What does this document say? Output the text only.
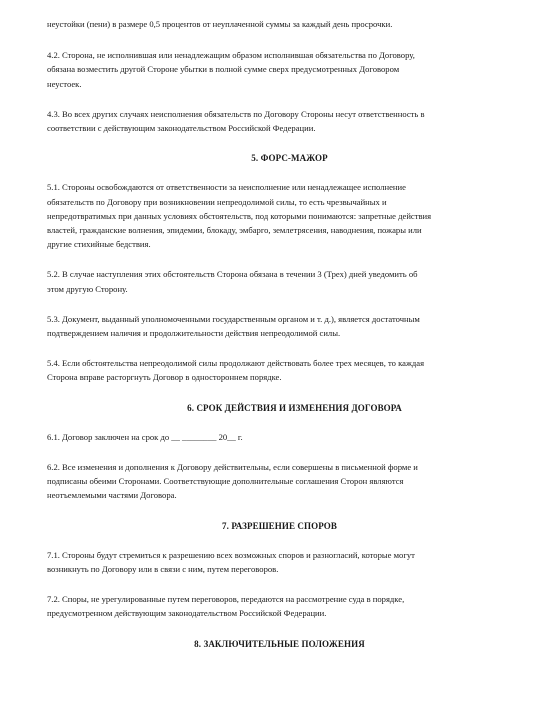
неустойки (пени) в размере 0,5 процентов от неуплаченной суммы за каждый день просрочки.
4.2. Сторона, не исполнившая или ненадлежащим образом исполнившая обязательства по Договору,
обязана возместить другой Стороне убытки в полной сумме сверх предусмотренных Договором
неустоек.
4.3. Во всех других случаях неисполнения обязательств по Договору Стороны несут ответственность в
соответствии с действующим законодательством Российской Федерации.
5. ФОРС-МАЖОР
5.1. Стороны освобождаются от ответственности за неисполнение или ненадлежащее исполнение
обязательств по Договору при возникновении непреодолимой силы, то есть чрезвычайных и
непредотвратимых при данных условиях обстоятельств, под которыми понимаются: запретные действия
властей, гражданские волнения, эпидемии, блокаду, эмбарго, землетрясения, наводнения, пожары или
другие стихийные бедствия.
5.2. В случае наступления этих обстоятельств Сторона обязана в течении 3 (Трех) дней уведомить об
этом другую Сторону.
5.3. Документ, выданный уполномоченными государственным органом и т. д.), является достаточным
подтверждением наличия и продолжительности действия непреодолимой силы.
5.4. Если обстоятельства непреодолимой силы продолжают действовать более трех месяцев, то каждая
Сторона вправе расторгнуть Договор в одностороннем порядке.
6. СРОК ДЕЙСТВИЯ И ИЗМЕНЕНИЯ ДОГОВОРА
6.1. Договор заключен на срок до __ ________ 20__ г.
6.2. Все изменения и дополнения к Договору действительны, если совершены в письменной форме и
подписаны обеими Сторонами. Соответствующие дополнительные соглашения Сторон являются
неотъемлемыми частями Договора.
7. РАЗРЕШЕНИЕ СПОРОВ
7.1. Стороны будут стремиться к разрешению всех возможных споров и разногласий, которые могут
возникнуть по Договору или в связи с ним, путем переговоров.
7.2. Споры, не урегулированные путем переговоров, передаются на рассмотрение суда в порядке,
предусмотренном действующим законодательством Российской Федерации.
8. ЗАКЛЮЧИТЕЛЬНЫЕ ПОЛОЖЕНИЯ
